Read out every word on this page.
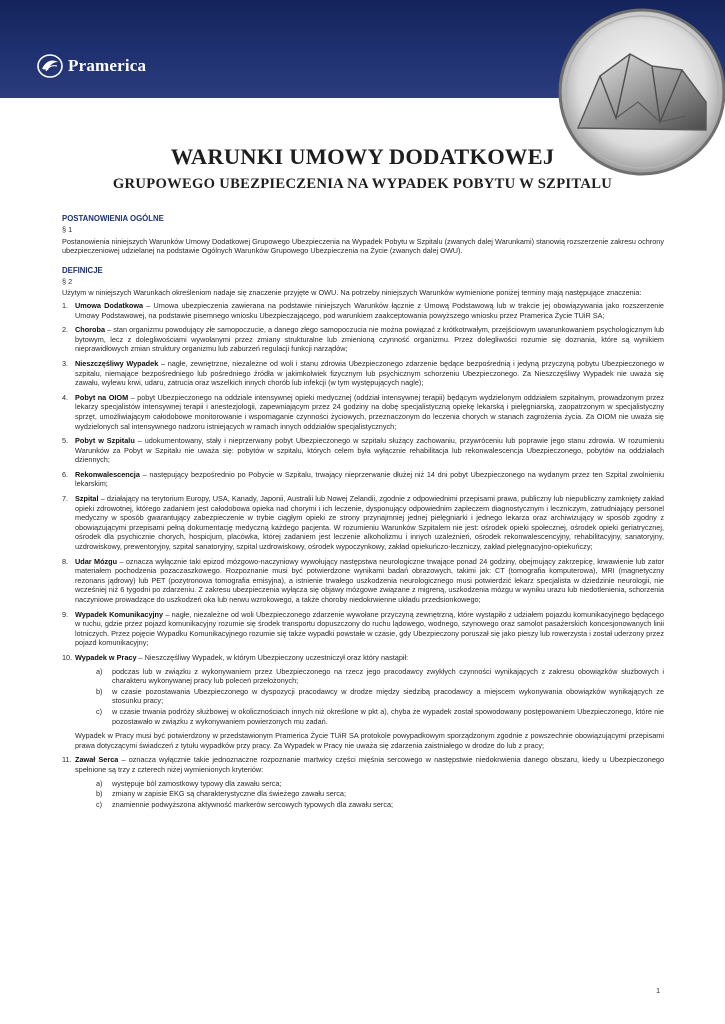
Pramerica
WARUNKI UMOWY DODATKOWEJ
GRUPOWEGO UBEZPIECZENIA NA WYPADEK POBYTU W SZPITALU
POSTANOWIENIA OGÓLNE
§ 1
Postanowienia niniejszych Warunków Umowy Dodatkowej Grupowego Ubezpieczenia na Wypadek Pobytu w Szpitalu (zwanych dalej Warunkami) stanowią rozszerzenie zakresu ochrony ubezpieczeniowej udzielanej na podstawie Ogólnych Warunków Grupowego Ubezpieczenia na Życie (zwanych dalej OWU).
DEFINICJE
§ 2
Użytym w niniejszych Warunkach określeniom nadaje się znaczenie przyjęte w OWU. Na potrzeby niniejszych Warunków wymienione poniżej terminy mają następujące znaczenia:
1. Umowa Dodatkowa – Umowa ubezpieczenia zawierana na podstawie niniejszych Warunków łącznie z Umową Podstawową lub w trakcie jej obowiązywania jako rozszerzenie Umowy Podstawowej, na podstawie pisemnego wniosku Ubezpieczającego, pod warunkiem zaakceptowania powyższego wniosku przez Pramerica Życie TUiR SA;
2. Choroba – stan organizmu powodujący złe samopoczucie, a danego złego samopoczucia nie można powiązać z krótkotrwałym, przejściowym uwarunkowaniem psychologicznym lub bytowym, lecz z dolegliwościami wywołanymi przez zmiany strukturalne lub zmienioną czynność organizmu. Przez dolegliwości rozumie się doznania, które są wynikiem nieprawidłowych zmian struktury organizmu lub zaburzeń regulacji funkcji narządów;
3. Nieszczęśliwy Wypadek – nagłe, zewnętrzne, niezależne od woli i stanu zdrowia Ubezpieczonego zdarzenie będące bezpośrednią i jedyną przyczyną pobytu Ubezpieczonego w szpitalu, niemające bezpośredniego lub pośredniego źródła w jakimkolwiek fizycznym lub psychicznym schorzeniu Ubezpieczonego. Za Nieszczęśliwy Wypadek nie uważa się zawału, wylewu krwi, udaru, zatrucia oraz wszelkich innych chorób lub infekcji (w tym występujących nagle);
4. Pobyt na OIOM – pobyt Ubezpieczonego na oddziale intensywnej opieki medycznej (oddział intensywnej terapii) będącym wydzielonym oddziałem szpitalnym, prowadzonym przez lekarzy specjalistów intensywnej terapii i anestezjologii, zapewniającym przez 24 godziny na dobę specjalistyczną opiekę lekarską i pielęgniarską, zaopatrzonym w specjalistyczny sprzęt, umożliwiającym całodobowe monitorowanie i wspomaganie czynności życiowych, przeznaczonym do leczenia chorych w stanach zagrożenia życia. Za OIOM nie uważa się wydzielonych sal intensywnego nadzoru istniejących w ramach innych oddziałów specjalistycznych;
5. Pobyt w Szpitalu – udokumentowany, stały i nieprzerwany pobyt Ubezpieczonego w szpitalu służący zachowaniu, przywróceniu lub poprawie jego stanu zdrowia. W rozumieniu Warunków za Pobyt w Szpitalu nie uważa się: pobytów w szpitalu, których celem była wyłącznie rehabilitacja lub rekonwalescencja Ubezpieczonego, pobytów na oddziałach dziennych;
6. Rekonwalescencja – następujący bezpośrednio po Pobycie w Szpitalu, trwający nieprzerwanie dłużej niż 14 dni pobyt Ubezpieczonego na wydanym przez ten Szpital zwolnieniu lekarskim;
7. Szpital – działający na terytorium Europy, USA, Kanady, Japonii, Australii lub Nowej Zelandii, zgodnie z odpowiednimi przepisami prawa, publiczny lub niepubliczny zamknięty zakład opieki zdrowotnej, którego zadaniem jest całodobowa opieka nad chorymi i ich leczenie, dysponujący odpowiednim zapleczem diagnostycznym i leczniczym, zatrudniający personel medyczny w sposób gwarantujący zabezpieczenie w trybie ciągłym opieki ze strony przynajmniej jednej pielęgniarki i jednego lekarza oraz archiwizujący w sposób zgodny z obowiązującymi przepisami pełną dokumentację medyczną każdego pacjenta. W rozumieniu Warunków Szpitalem nie jest: ośrodek opieki społecznej, ośrodek opieki geriatrycznej, ośrodek dla psychicznie chorych, hospicjum, placówka, której zadaniem jest leczenie alkoholizmu i innych uzależnień, ośrodek rekonwalescencyjny, rehabilitacyjny, sanatoryjny, uzdrowiskowy, prewentoryjny, szpital sanatoryjny, szpital uzdrowiskowy, ośrodek wypoczynkowy, zakład opiekuńczo-leczniczy, zakład pielęgnacyjno-opiekuńczy;
8. Udar Mózgu – oznacza wyłącznie taki epizod mózgowo-naczyniowy wywołujący następstwa neurologiczne trwające ponad 24 godziny, obejmujący zakrzepicę, krwawienie lub zator materiałem pochodzenia pozaczaszkowego. Rozpoznanie musi być potwierdzone wynikami badań obrazowych, takimi jak: CT (tomografia komputerowa), MRI (magnetyczny rezonans jądrowy) lub PET (pozytronowa tomografia emisyjna), a istnienie trwałego uszkodzenia neurologicznego musi potwierdzić lekarz specjalista w dziedzinie neurologii, nie wcześniej niż 6 tygodni po zdarzeniu. Z zakresu ubezpieczenia wyłącza się objawy mózgowe związane z migreną, uszkodzenia mózgu w wyniku urazu lub niedotlenienia, schorzenia naczyniowe prowadzące do uszkodzeń oka lub nerwu wzrokowego, a także choroby niedokrwienne układu przedsionkowego;
9. Wypadek Komunikacyjny – nagłe, niezależne od woli Ubezpieczonego zdarzenie wywołane przyczyną zewnętrzną, które wystąpiło z udziałem pojazdu komunikacyjnego będącego w ruchu, gdzie przez pojazd komunikacyjny rozumie się środek transportu dopuszczony do ruchu lądowego, wodnego, szynowego oraz samolot pasażerskich koncesjonowanych linii lotniczych. Przez pojęcie Wypadku Komunikacyjnego rozumie się także wypadki powstałe w czasie, gdy Ubezpieczony poruszał się jako pieszy lub rowerzysta i został uderzony przez pojazd komunikacyjny;
10. Wypadek w Pracy – Nieszczęśliwy Wypadek, w którym Ubezpieczony uczestniczył oraz który nastąpił:
a) podczas lub w związku z wykonywaniem przez Ubezpieczonego na rzecz jego pracodawcy zwykłych czynności wynikających z zakresu obowiązków służbowych i charakteru wykonywanej pracy lub poleceń przełożonych;
b) w czasie pozostawania Ubezpieczonego w dyspozycji pracodawcy w drodze między siedzibą pracodawcy a miejscem wykonywania obowiązków wynikających ze stosunku pracy;
c) w czasie trwania podróży służbowej w okolicznościach innych niż określone w pkt a), chyba że wypadek został spowodowany postępowaniem Ubezpieczonego, które nie pozostawało w związku z wykonywaniem powierzonych mu zadań.
Wypadek w Pracy musi być potwierdzony w przedstawionym Pramerica Życie TUiR SA protokole powypadkowym sporządzonym zgodnie z powszechnie obowiązującymi przepisami prawa dotyczącymi świadczeń z tytułu wypadków przy pracy. Za Wypadek w Pracy nie uważa się zdarzenia zaistniałego w drodze do lub z pracy;
11. Zawał Serca – oznacza wyłącznie takie jednoznaczne rozpoznanie martwicy części mięśnia sercowego w następstwie niedokrwienia danego obszaru, kiedy u Ubezpieczonego spełnione są trzy z czterech niżej wymienionych kryteriów:
a) występuje ból zamostkowy typowy dla zawału serca;
b) zmiany w zapisie EKG są charakterystyczne dla świeżego zawału serca;
c) znamiennie podwyższona aktywność markerów sercowych typowych dla zawału serca;
1
